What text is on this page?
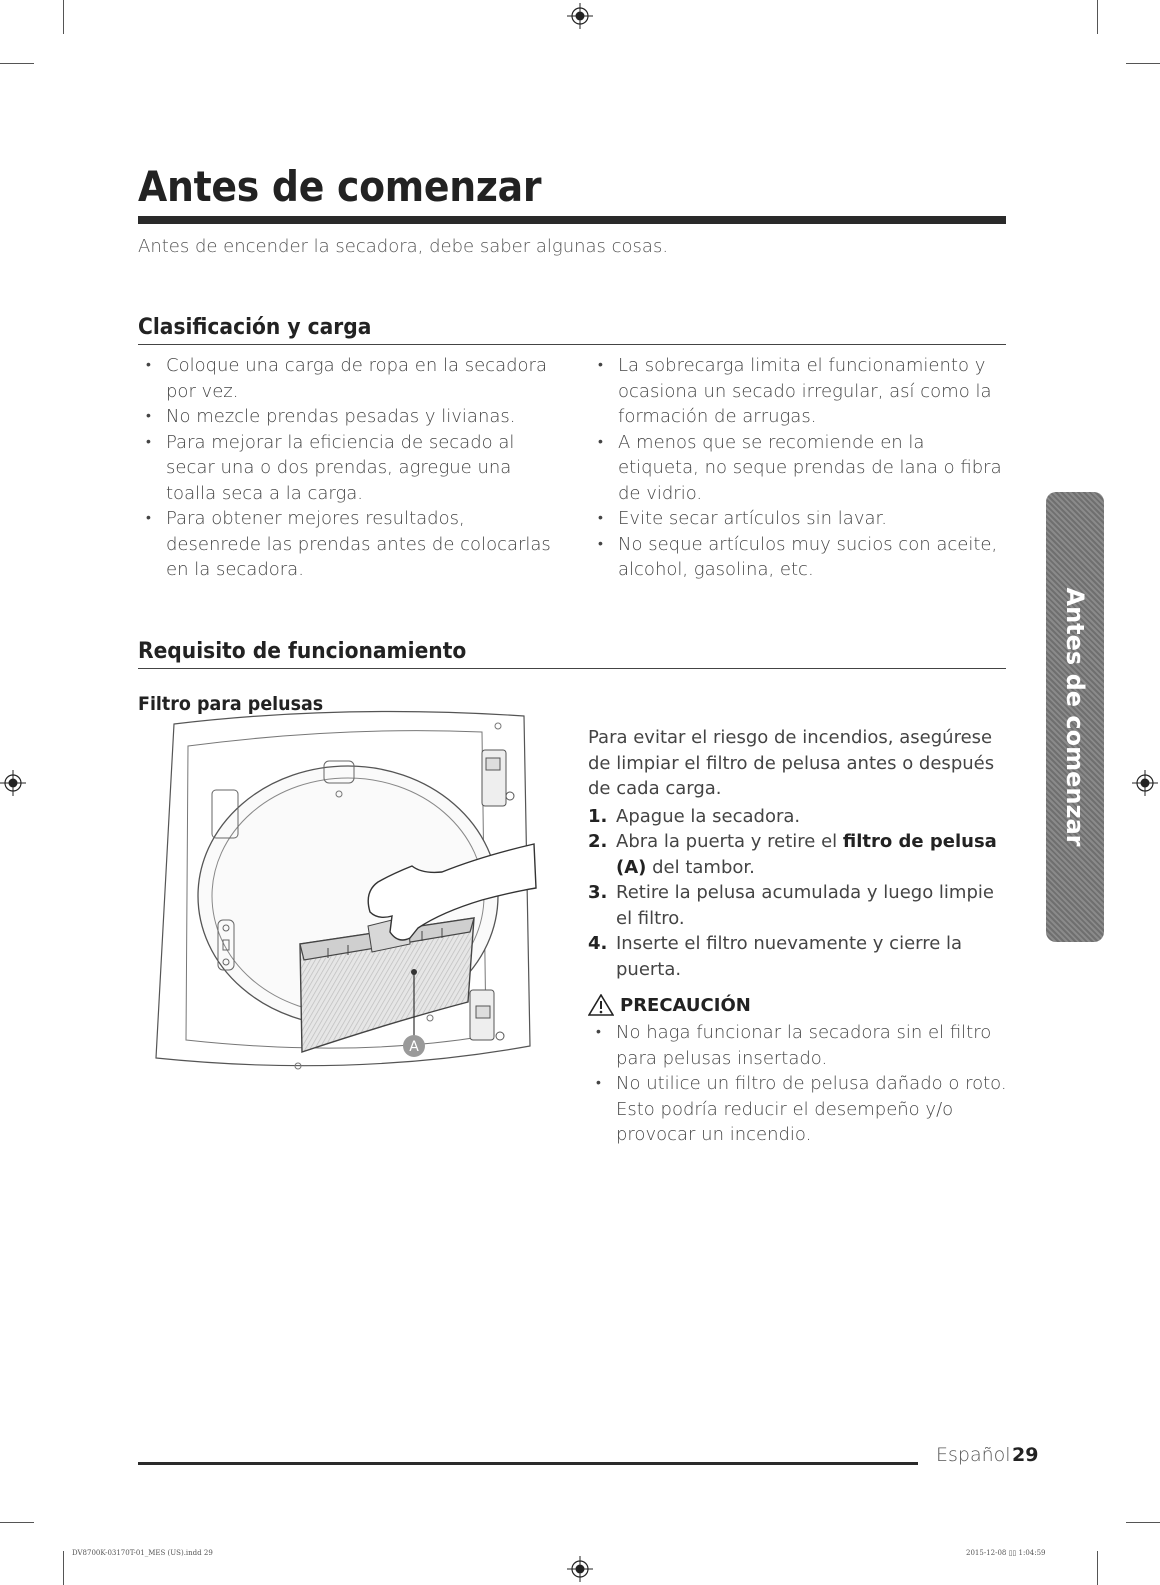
Antes de comenzar
Antes de encender la secadora, debe saber algunas cosas.
Clasificación y carga
• Coloque una carga de ropa en la secadora por vez.
• No mezcle prendas pesadas y livianas.
• Para mejorar la eficiencia de secado al secar una o dos prendas, agregue una toalla seca a la carga.
• Para obtener mejores resultados, desenrede las prendas antes de colocarlas en la secadora.
• La sobrecarga limita el funcionamiento y ocasiona un secado irregular, así como la formación de arrugas.
• A menos que se recomiende en la etiqueta, no seque prendas de lana o fibra de vidrio.
• Evite secar artículos sin lavar.
• No seque artículos muy sucios con aceite, alcohol, gasolina, etc.
Requisito de funcionamiento
Filtro para pelusas
A
Para evitar el riesgo de incendios, asegúrese de limpiar el filtro de pelusa antes o después de cada carga.
1. Apague la secadora.
2. Abra la puerta y retire el filtro de pelusa
(A) del tambor.
3. Retire la pelusa acumulada y luego limpie el filtro.
4. Inserte el filtro nuevamente y cierre la puerta.
PRECAUCIÓN
• No haga funcionar la secadora sin el filtro para pelusas insertado.
• No utilice un filtro de pelusa dañado o roto. Esto podría reducir el desempeño y/o provocar un incendio.
Antes de comenzar
Español 29
DV8700K-03170T-01_MES (US).indd 29	2015-12-08 ▯▯ 1:04:59
